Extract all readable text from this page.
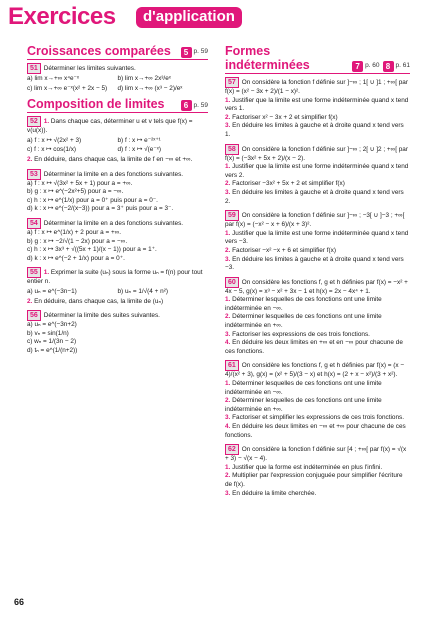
Exercices	d'application
Croissances comparées	5 p. 59
51 Déterminer les limites suivantes.
a) lim x→+∞ x⁴e⁻ˣ	b) lim x→+∞ 2x³/eˣ
c) lim x→+∞ e⁻ˣ(x² + 2x − 5)	d) lim x→+∞ (x³ − 2)/eˣ
Composition de limites	6 p. 59
52 1. Dans chaque cas, déterminer u et v tels que f(x) = v(u(x)).
a) f : x ↦ √(2x² + 3)	b) f : x ↦ e⁻²ˣ⁺¹
c) f : x ↦ cos(1/x)	d) f : x ↦ √(e⁻ˣ)
2. En déduire, dans chaque cas, la limite de f en −∞ et +∞.
53 Déterminer la limite en a des fonctions suivantes.
a) f : x ↦ √(3x² + 5x + 1) pour a = +∞.
b) g : x ↦ e^(−2x²+5) pour a = −∞.
c) h : x ↦ e^(1/x) pour a = 0⁺ puis pour a = 0⁻.
d) k : x ↦ e^(−2/(x−3)) pour a = 3⁺ puis pour a = 3⁻.
54 Déterminer la limite en a des fonctions suivantes.
a) f : x ↦ e^(1/x) + 2 pour a = +∞.
b) g : x ↦ −2/√(1 − 2x) pour a = −∞.
c) h : x ↦ 3x³ + √((5x + 1)/(x − 1)) pour a = 1⁺.
d) k : x ↦ e^(−2 + 1/x) pour a = 0⁺.
55 1. Exprimer la suite (uₙ) sous la forme uₙ = f(n) pour tout entier n.
a) uₙ = e^(−3n−1)	b) uₙ = 1/√(4 + n²)
2. En déduire, dans chaque cas, la limite de (uₙ)
56 Déterminer la limite des suites suivantes.
a) uₙ = e^(−3n+2)
b) vₙ = sin(1/n)
c) wₙ = 1/(3n − 2)
d) tₙ = e^(1/(n+2))
Formes indéterminées	7 p. 60 8 p. 61
57 On considère la fonction f définie sur ]−∞ ; 1[ ∪ ]1 ; +∞[ par f(x) = (x² − 3x + 2)/(1 − x)².
1. Justifier que la limite est une forme indéterminée quand x tend vers 1.
2. Factoriser x² − 3x + 2 et simplifier f(x)
3. En déduire les limites à gauche et à droite quand x tend vers 1.
58 On considère la fonction f définie sur ]−∞ ; 2[ ∪ ]2 ; +∞[ par f(x) = (−3x² + 5x + 2)/(x − 2).
1. Justifier que la limite est une forme indéterminée quand x tend vers 2.
2. Factoriser −3x² + 5x + 2 et simplifier f(x)
3. En déduire les limites à gauche et à droite quand x tend vers 2.
59 On considère la fonction f définie sur ]−∞ ; −3[ ∪ ]−3 ; +∞[ par f(x) = (−x² − x + 6)/(x + 3)².
1. Justifier que la limite est une forme indéterminée quand x tend vers −3.
2. Factoriser −x² −x + 6 et simplifier f(x)
3. En déduire les limites à gauche et à droite quand x tend vers −3.
60 On considère les fonctions f, g et h définies par f(x) = −x² + 4x − 5, g(x) = x³ − x² + 3x − 1 et h(x) = 2x − 4x⁴ + 1.
1. Déterminer lesquelles de ces fonctions ont une limite indéterminée en −∞.
2. Déterminer lesquelles de ces fonctions ont une limite indéterminée en +∞.
3. Factoriser les expressions de ces trois fonctions.
4. En déduire les deux limites en +∞ et en −∞ pour chacune de ces fonctions.
61 On considère les fonctions f, g et h définies par f(x) = (x − 4)/(x² + 3), g(x) = (x² + 5)/(3 − x) et h(x) = (2 + x − x²)/(3 + x²).
1. Déterminer lesquelles de ces fonctions ont une limite indéterminée en −∞.
2. Déterminer lesquelles de ces fonctions ont une limite indéterminée en +∞.
3. Factoriser et simplifier les expressions de ces trois fonctions.
4. En déduire les deux limites en −∞ et +∞ pour chacune de ces fonctions.
62 On considère la fonction f définie sur [4 ; +∞[ par f(x) = √(x + 3) − √(x − 4).
1. Justifier que la forme est indéterminée en plus l'infini.
2. Multiplier par l'expression conjuguée pour simplifier l'écriture de f(x).
3. En déduire la limite cherchée.
66
